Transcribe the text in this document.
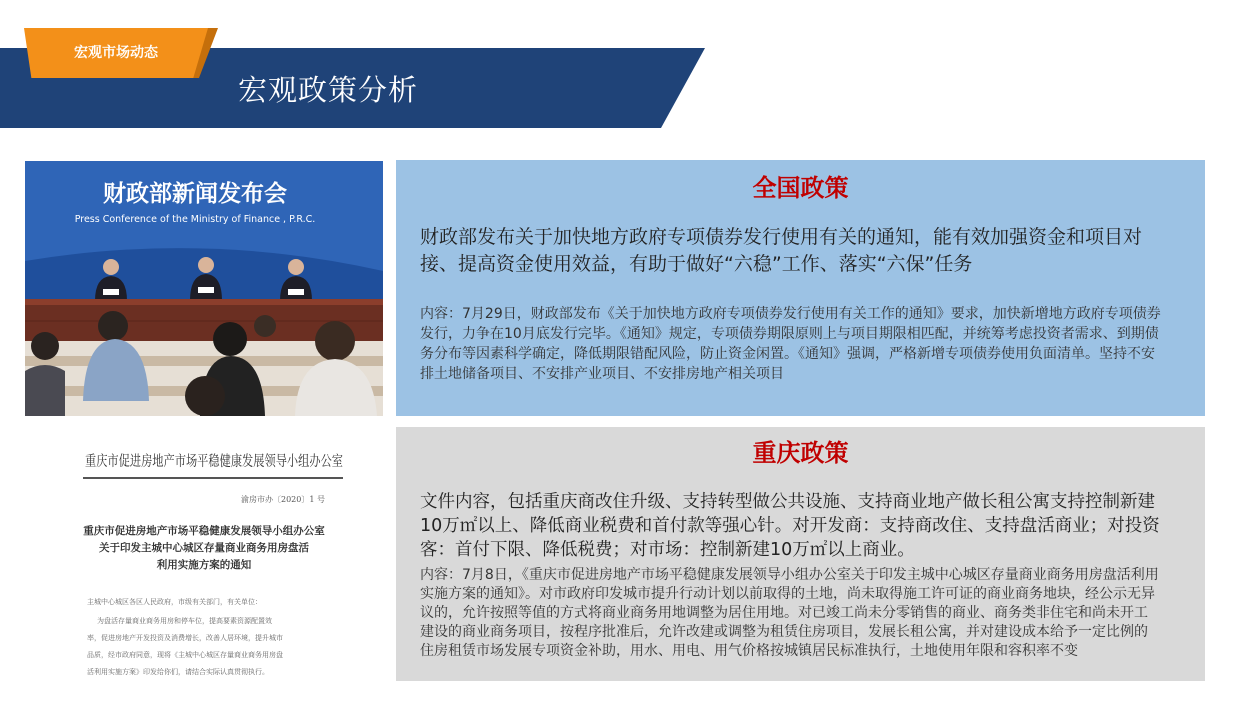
宏观市场动态
宏观政策分析
财政部新闻发布会
Press Conference of the Ministry of Finance , P.R.C.
重庆市促进房地产市场平稳健康发展领导小组办公室
渝房市办〔2020〕1 号
重庆市促进房地产市场平稳健康发展领导小组办公室
关于印发主城中心城区存量商业商务用房盘活
利用实施方案的通知
主城中心城区各区人民政府，市级有关部门，有关单位：
为盘活存量商业商务用房和停车位，提高要素资源配置效
率，促进房地产开发投资及消费增长，改善人居环境，提升城市
品质，经市政府同意，现将《主城中心城区存量商业商务用房盘
活利用实施方案》印发给你们，请结合实际认真贯彻执行。
全国政策
财政部发布关于加快地方政府专项债券发行使用有关的通知，能有效加强资金和项目对接、提高资金使用效益，有助于做好“六稳”工作、落实“六保”任务
内容：7月29日，财政部发布《关于加快地方政府专项债券发行使用有关工作的通知》要求，加快新增地方政府专项债券发行，力争在10月底发行完毕。《通知》规定，专项债券期限原则上与项目期限相匹配，并统筹考虑投资者需求、到期债务分布等因素科学确定，降低期限错配风险，防止资金闲置。《通知》强调，严格新增专项债券使用负面清单。坚持不安排土地储备项目、不安排产业项目、不安排房地产相关项目
重庆政策
文件内容，包括重庆商改住升级、支持转型做公共设施、支持商业地产做长租公寓支持控制新建10万㎡以上、降低商业税费和首付款等强心针。对开发商：支持商改住、支持盘活商业；对投资客：首付下限、降低税费；对市场：控制新建10万㎡以上商业。
内容：7月8日，《重庆市促进房地产市场平稳健康发展领导小组办公室关于印发主城中心城区存量商业商务用房盘活利用实施方案的通知》。对市政府印发城市提升行动计划以前取得的土地，尚未取得施工许可证的商业商务地块，经公示无异议的，允许按照等值的方式将商业商务用地调整为居住用地。对已竣工尚未分零销售的商业、商务类非住宅和尚未开工建设的商业商务项目，按程序批准后，允许改建或调整为租赁住房项目，发展长租公寓，并对建设成本给予一定比例的住房租赁市场发展专项资金补助，用水、用电、用气价格按城镇居民标准执行，土地使用年限和容积率不变
